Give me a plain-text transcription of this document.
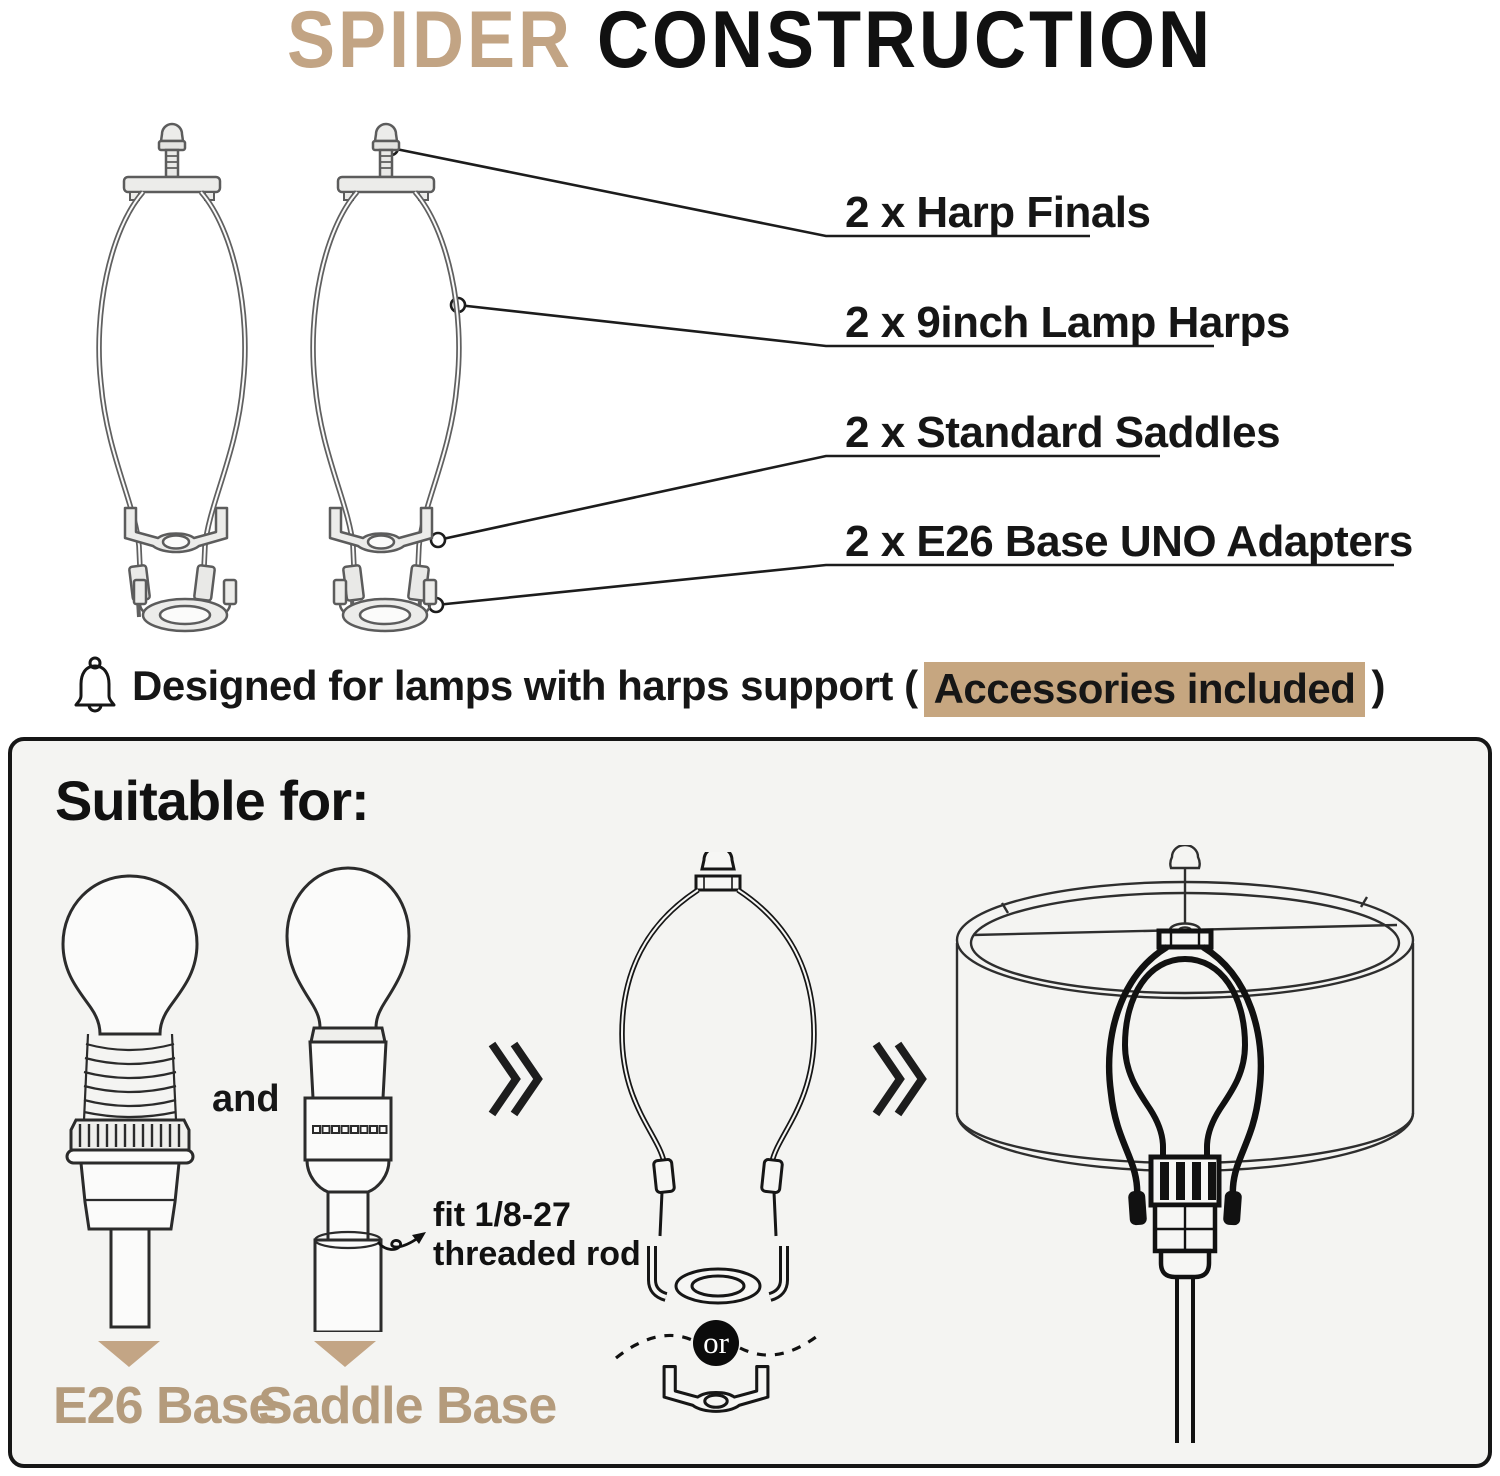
SPIDER CONSTRUCTION
2 x Harp Finals
2 x 9inch Lamp Harps
2 x Standard Saddles
2 x E26 Base UNO Adapters
Designed for lamps with harps support ( Accessories included )
Suitable for:
and
fit 1/8-27
threaded rod
or
E26 Base
Saddle Base
